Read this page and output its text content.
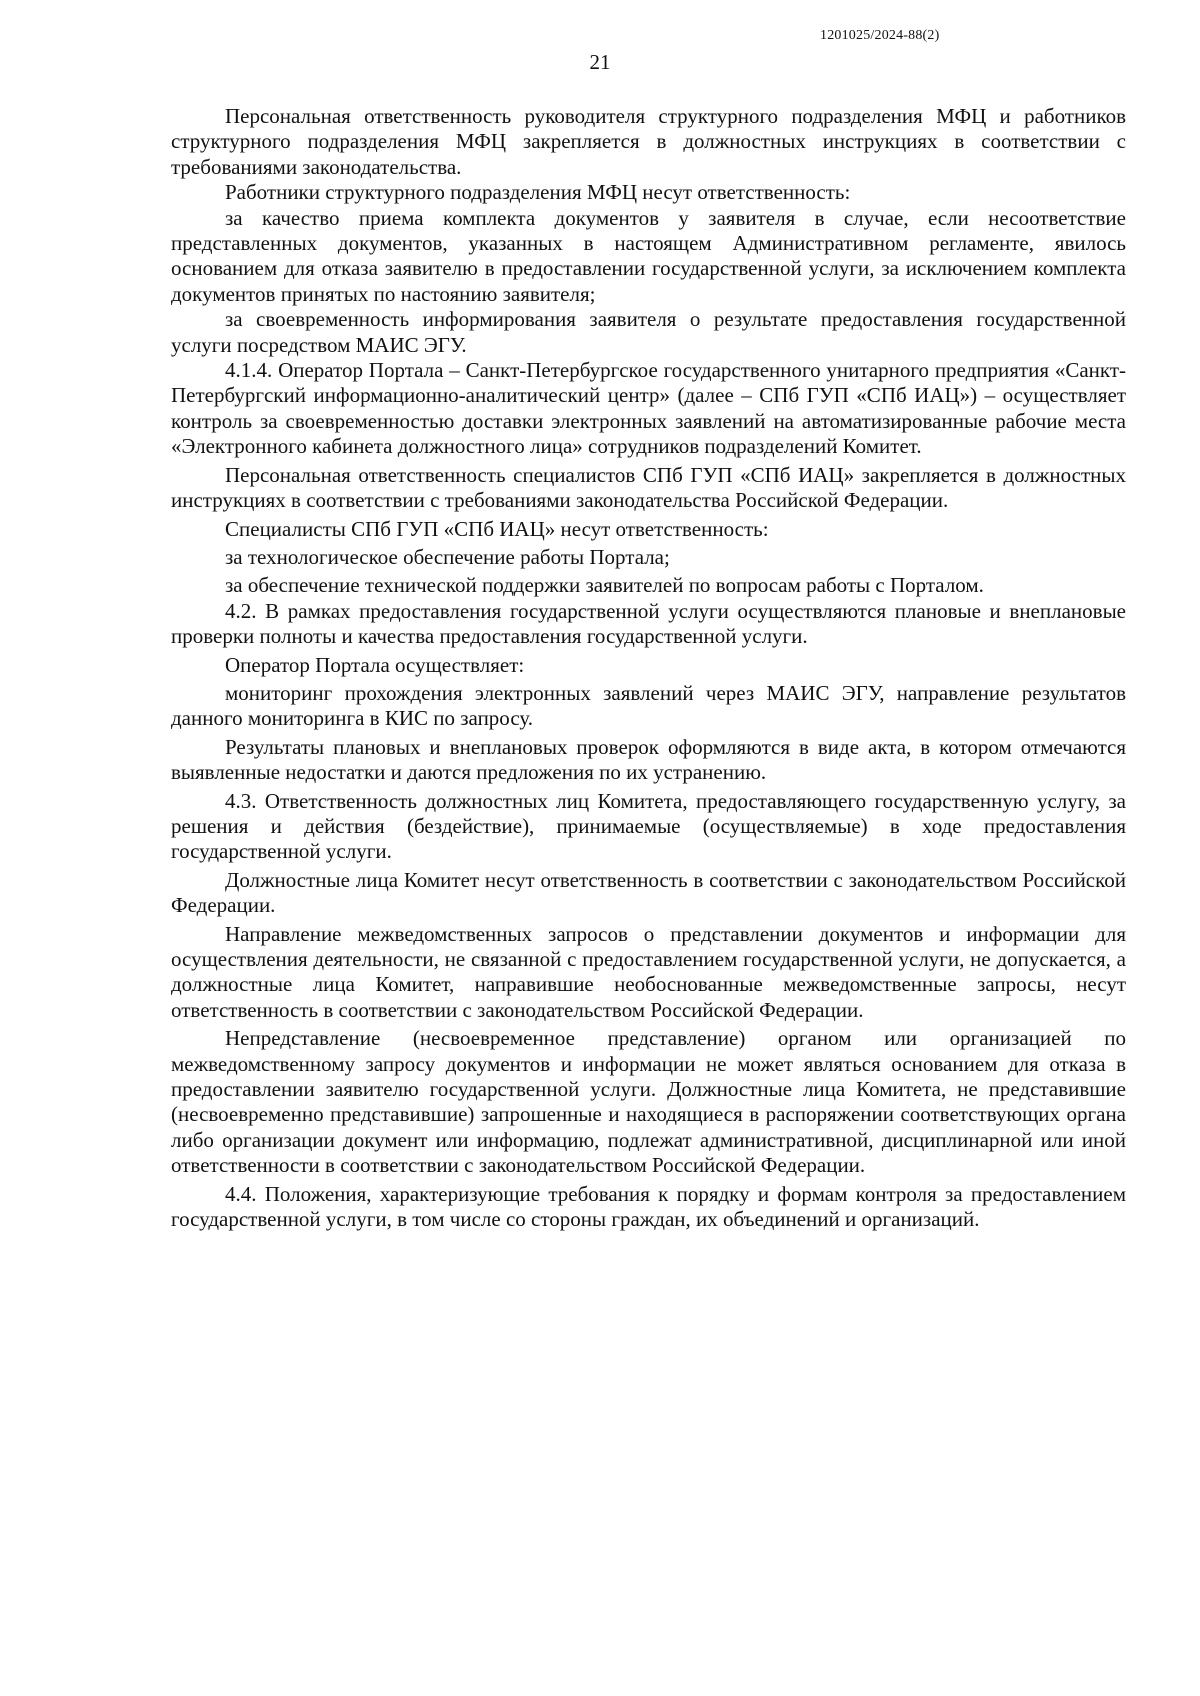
1201025/2024-88(2)
21

Персональная ответственность руководителя структурного подразделения МФЦ и работников структурного подразделения МФЦ закрепляется в должностных инструкциях в соответствии с требованиями законодательства.

Работники структурного подразделения МФЦ несут ответственность:

за качество приема комплекта документов у заявителя в случае, если несоответствие представленных документов, указанных в настоящем Административном регламенте, явилось основанием для отказа заявителю в предоставлении государственной услуги, за исключением комплекта документов принятых по настоянию заявителя;

за своевременность информирования заявителя о результате предоставления государственной услуги посредством МАИС ЭГУ.

4.1.4. Оператор Портала – Санкт-Петербургское государственного унитарного предприятия «Санкт-Петербургский информационно-аналитический центр» (далее – СПб ГУП «СПб ИАЦ») – осуществляет контроль за своевременностью доставки электронных заявлений на автоматизированные рабочие места «Электронного кабинета должностного лица» сотрудников подразделений Комитет.

Персональная ответственность специалистов СПб ГУП «СПб ИАЦ» закрепляется в должностных инструкциях в соответствии с требованиями законодательства Российской Федерации.

Специалисты СПб ГУП «СПб ИАЦ» несут ответственность:

за технологическое обеспечение работы Портала;

за обеспечение технической поддержки заявителей по вопросам работы с Порталом.

4.2. В рамках предоставления государственной услуги осуществляются плановые и внеплановые проверки полноты и качества предоставления государственной услуги.

Оператор Портала осуществляет:

мониторинг прохождения электронных заявлений через МАИС ЭГУ, направление результатов данного мониторинга в КИС по запросу.

Результаты плановых и внеплановых проверок оформляются в виде акта, в котором отмечаются выявленные недостатки и даются предложения по их устранению.

4.3. Ответственность должностных лиц Комитета, предоставляющего государственную услугу, за решения и действия (бездействие), принимаемые (осуществляемые) в ходе предоставления государственной услуги.

Должностные лица Комитет несут ответственность в соответствии с законодательством Российской Федерации.

Направление межведомственных запросов о представлении документов и информации для осуществления деятельности, не связанной с предоставлением государственной услуги, не допускается, а должностные лица Комитет, направившие необоснованные межведомственные запросы, несут ответственность в соответствии с законодательством Российской Федерации.

Непредставление (несвоевременное представление) органом или организацией по межведомственному запросу документов и информации не может являться основанием для отказа в предоставлении заявителю государственной услуги. Должностные лица Комитета, не представившие (несвоевременно представившие) запрошенные и находящиеся в распоряжении соответствующих органа либо организации документ или информацию, подлежат административной, дисциплинарной или иной ответственности в соответствии с законодательством Российской Федерации.

4.4. Положения, характеризующие требования к порядку и формам контроля за предоставлением государственной услуги, в том числе со стороны граждан, их объединений и организаций.
